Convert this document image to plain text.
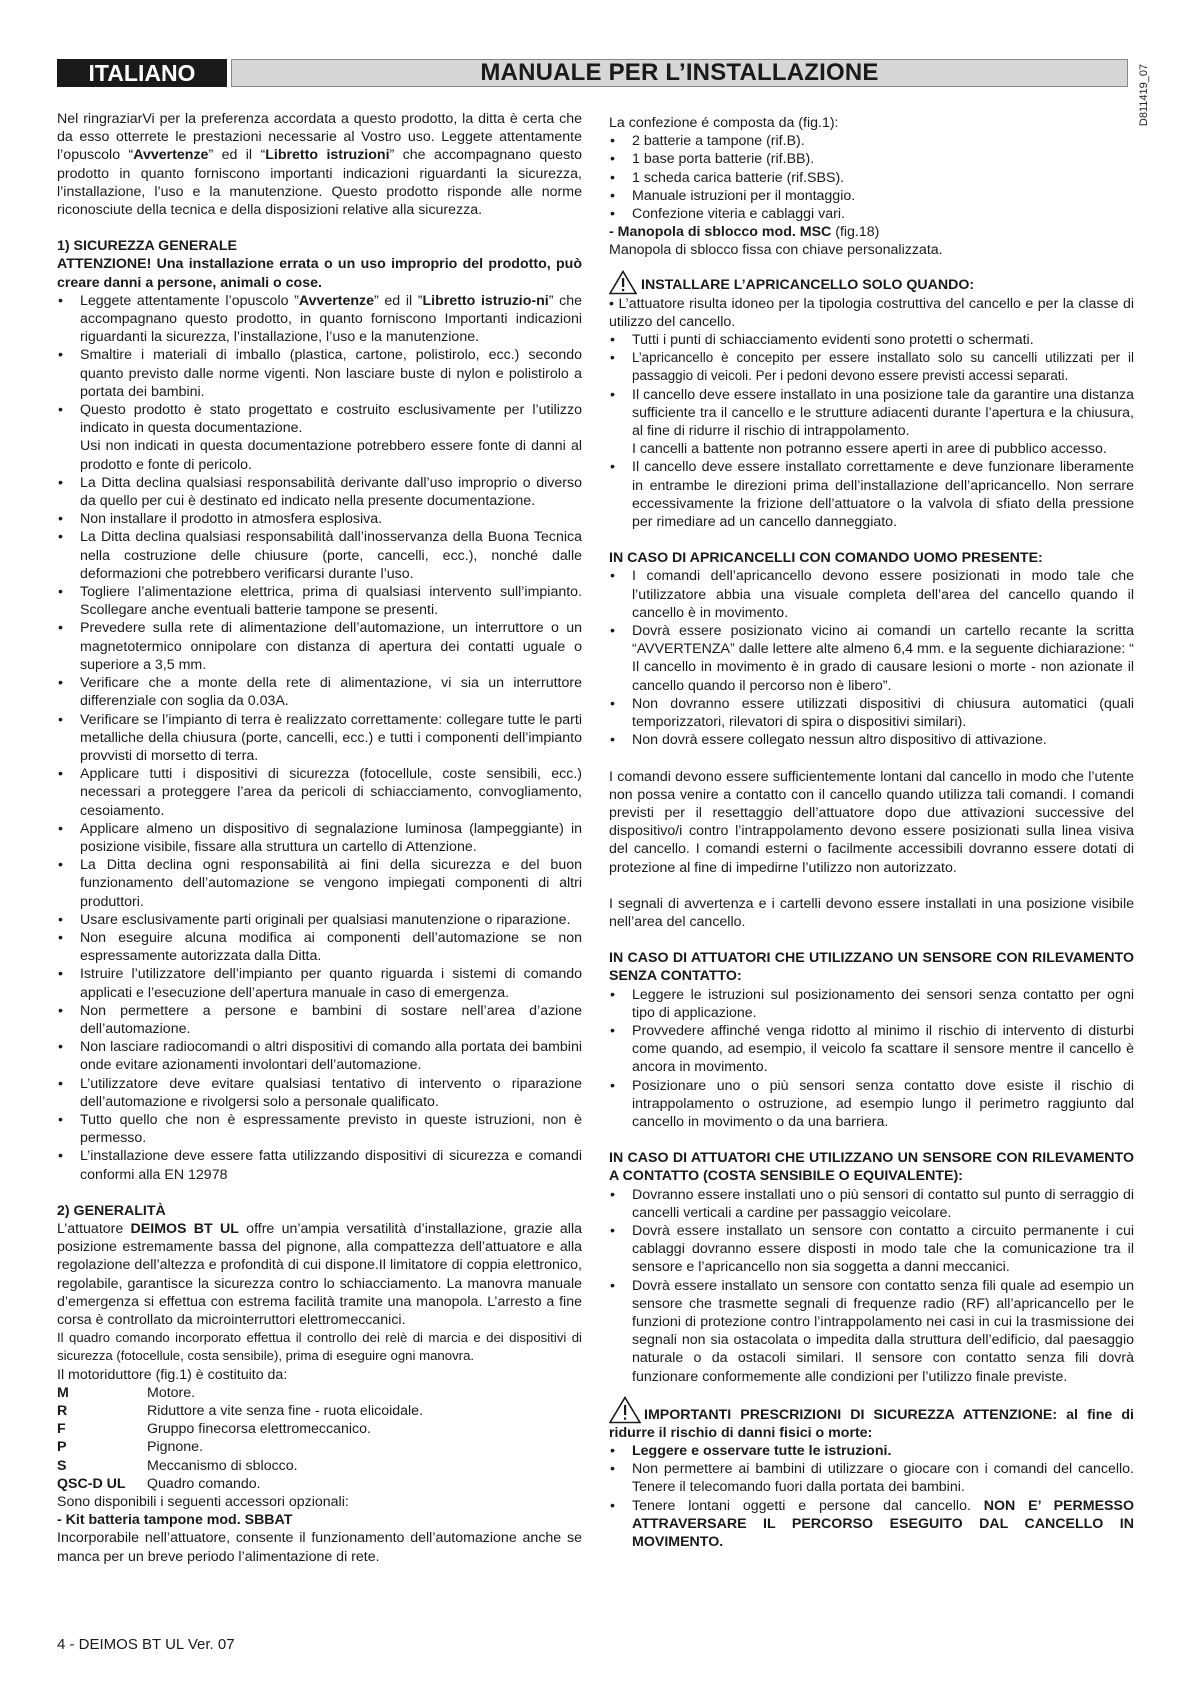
ITALIANO	MANUALE PER L’INSTALLAZIONE	D811419_07

Nel ringraziarVi per la preferenza accordata a questo prodotto, la ditta è certa che da esso otterrete le prestazioni necessarie al Vostro uso. Leggete attentamente l’opuscolo “Avvertenze” ed il “Libretto istruzioni” che accompagnano questo prodotto in quanto forniscono importanti indicazioni riguardanti la sicurezza, l’installazione, l’uso e la manutenzione. Questo prodotto risponde alle norme riconosciute della tecnica e della disposizioni relative alla sicurezza.

1) SICUREZZA GENERALE

ATTENZIONE! Una installazione errata o un uso improprio del prodotto, può creare danni a persone, animali o cose.

• Leggete attentamente l’opuscolo ”Avvertenze” ed il ”Libretto istruzio-ni” che accompagnano questo prodotto, in quanto forniscono Importanti indicazioni riguardanti la sicurezza, l’installazione, l’uso e la manutenzione.
• Smaltire i materiali di imballo (plastica, cartone, polistirolo, ecc.) secondo quanto previsto dalle norme vigenti. Non lasciare buste di nylon e polistirolo a portata dei bambini.
• Questo prodotto è stato progettato e costruito esclusivamente per l’utilizzo indicato in questa documentazione.
Usi non indicati in questa documentazione potrebbero essere fonte di danni al prodotto e fonte di pericolo.
• La Ditta declina qualsiasi responsabilità derivante dall’uso improprio o diverso da quello per cui è destinato ed indicato nella presente documentazione.
• Non installare il prodotto in atmosfera esplosiva.
• La Ditta declina qualsiasi responsabilità dall’inosservanza della Buona Tecnica nella costruzione delle chiusure (porte, cancelli, ecc.), nonché dalle deformazioni che potrebbero verificarsi durante l’uso.
• Togliere l’alimentazione elettrica, prima di qualsiasi intervento sull’impianto. Scollegare anche eventuali batterie tampone se presenti.
• Prevedere sulla rete di alimentazione dell’automazione, un interruttore o un magnetotermico onnipolare con distanza di apertura dei contatti uguale o superiore a 3,5 mm.
• Verificare che a monte della rete di alimentazione, vi sia un interruttore differenziale con soglia da 0.03A.
• Verificare se l’impianto di terra è realizzato correttamente: collegare tutte le parti metalliche della chiusura (porte, cancelli, ecc.) e tutti i componenti dell’impianto provvisti di morsetto di terra.
• Applicare tutti i dispositivi di sicurezza (fotocellule, coste sensibili, ecc.) necessari a proteggere l’area da pericoli di schiacciamento, convogliamento, cesoiamento.
• Applicare almeno un dispositivo di segnalazione luminosa (lampeggiante) in posizione visibile, fissare alla struttura un cartello di Attenzione.
• La Ditta declina ogni responsabilità ai fini della sicurezza e del buon funzionamento dell’automazione se vengono impiegati componenti di altri produttori.
• Usare esclusivamente parti originali per qualsiasi manutenzione o riparazione.
• Non eseguire alcuna modifica ai componenti dell’automazione se non espressamente autorizzata dalla Ditta.
• Istruire l’utilizzatore dell’impianto per quanto riguarda i sistemi di comando applicati e l’esecuzione dell’apertura manuale in caso di emergenza.
• Non permettere a persone e bambini di sostare nell’area d’azione dell’automazione.
• Non lasciare radiocomandi o altri dispositivi di comando alla portata dei bambini onde evitare azionamenti involontari dell’automazione.
• L’utilizzatore deve evitare qualsiasi tentativo di intervento o riparazione dell’automazione e rivolgersi solo a personale qualificato.
• Tutto quello che non è espressamente previsto in queste istruzioni, non è permesso.
• L’installazione deve essere fatta utilizzando dispositivi di sicurezza e comandi conformi alla EN 12978

2) GENERALITÀ

L’attuatore DEIMOS BT UL offre un’ampia versatilità d’installazione, grazie alla posizione estremamente bassa del pignone, alla compattezza dell’attuatore e alla regolazione dell’altezza e profondità di cui dispone.Il limitatore di coppia elettronico, regolabile, garantisce la sicurezza contro lo schiacciamento. La manovra manuale d’emergenza si effettua con estrema facilità tramite una manopola. L’arresto a fine corsa è controllato da microinterruttori elettromeccanici.

Il quadro comando incorporato effettua il controllo dei relè di marcia e dei dispositivi di sicurezza (fotocellule, costa sensibile), prima di eseguire ogni manovra.

Il motoriduttore (fig.1) è costituito da:

M	Motore.
R	Riduttore a vite senza fine - ruota elicoidale.
F	Gruppo finecorsa elettromeccanico.
P	Pignone.
S	Meccanismo di sblocco.
QSC-D UL	Quadro comando.

Sono disponibili i seguenti accessori opzionali:

- Kit batteria tampone mod. SBBAT

Incorporabile nell’attuatore, consente il funzionamento dell’automazione anche se manca per un breve periodo l’alimentazione di rete.

La confezione é composta da (fig.1):

• 2 batterie a tampone (rif.B).
• 1 base porta batterie (rif.BB).
• 1 scheda carica batterie (rif.SBS).
• Manuale istruzioni per il montaggio.
• Confezione viteria e cablaggi vari.

- Manopola di sblocco mod. MSC (fig.18)

Manopola di sblocco fissa con chiave personalizzata.

INSTALLARE L’APRICANCELLO SOLO QUANDO:

• L’attuatore risulta idoneo per la tipologia costruttiva del cancello e per la classe di utilizzo del cancello.

• Tutti i punti di schiacciamento evidenti sono protetti o schermati.
• L’apricancello è concepito per essere installato solo su cancelli utilizzati per il passaggio di veicoli. Per i pedoni devono essere previsti accessi separati.
• Il cancello deve essere installato in una posizione tale da garantire una distanza sufficiente tra il cancello e le strutture adiacenti durante l’apertura e la chiusura, al fine di ridurre il rischio di intrappolamento.
I cancelli a battente non potranno essere aperti in aree di pubblico accesso.
• Il cancello deve essere installato correttamente e deve funzionare liberamente in entrambe le direzioni prima dell’installazione dell’apricancello. Non serrare eccessivamente la frizione dell’attuatore o la valvola di sfiato della pressione per rimediare ad un cancello danneggiato.

IN CASO DI APRICANCELLI CON COMANDO UOMO PRESENTE:

• I comandi dell’apricancello devono essere posizionati in modo tale che l’utilizzatore abbia una visuale completa dell’area del cancello quando il cancello è in movimento.
• Dovrà essere posizionato vicino ai comandi un cartello recante la scritta “AVVERTENZA” dalle lettere alte almeno 6,4 mm. e la seguente dichiarazione: “ Il cancello in movimento è in grado di causare lesioni o morte - non azionate il cancello quando il percorso non è libero”.
• Non dovranno essere utilizzati dispositivi di chiusura automatici (quali temporizzatori, rilevatori di spira o dispositivi similari).
• Non dovrà essere collegato nessun altro dispositivo di attivazione.

I comandi devono essere sufficientemente lontani dal cancello in modo che l’utente non possa venire a contatto con il cancello quando utilizza tali comandi. I comandi previsti per il resettaggio dell’attuatore dopo due attivazioni successive del dispositivo/i contro l’intrappolamento devono essere posizionati sulla linea visiva del cancello. I comandi esterni o facilmente accessibili dovranno essere dotati di protezione al fine di impedirne l’utilizzo non autorizzato.

I segnali di avvertenza e i cartelli devono essere installati in una posizione visibile nell’area del cancello.

IN CASO DI ATTUATORI CHE UTILIZZANO UN SENSORE CON RILEVAMENTO SENZA CONTATTO:

• Leggere le istruzioni sul posizionamento dei sensori senza contatto per ogni tipo di applicazione.
• Provvedere affinché venga ridotto al minimo il rischio di intervento di disturbi come quando, ad esempio, il veicolo fa scattare il sensore mentre il cancello è ancora in movimento.
• Posizionare uno o più sensori senza contatto dove esiste il rischio di intrappolamento o ostruzione, ad esempio lungo il perimetro raggiunto dal cancello in movimento o da una barriera.

IN CASO DI ATTUATORI CHE UTILIZZANO UN SENSORE CON RILEVAMENTO A CONTATTO (COSTA SENSIBILE O EQUIVALENTE):

• Dovranno essere installati uno o più sensori di contatto sul punto di serraggio di cancelli verticali a cardine per passaggio veicolare.
• Dovrà essere installato un sensore con contatto a circuito permanente i cui cablaggi dovranno essere disposti in modo tale che la comunicazione tra il sensore e l’apricancello non sia soggetta a danni meccanici.
• Dovrà essere installato un sensore con contatto senza fili quale ad esempio un sensore che trasmette segnali di frequenze radio (RF) all’apricancello per le funzioni di protezione contro l’intrappolamento nei casi in cui la trasmissione dei segnali non sia ostacolata o impedita dalla struttura dell’edificio, dal paesaggio naturale o da ostacoli similari. Il sensore con contatto senza fili dovrà funzionare conformemente alle condizioni per l’utilizzo finale previste.
IMPORTANTI PRESCRIZIONI DI SICUREZZA ATTENZIONE: al fine di ridurre il rischio di danni fisici o morte:
• Leggere e osservare tutte le istruzioni.
• Non permettere ai bambini di utilizzare o giocare con i comandi del cancello. Tenere il telecomando fuori dalla portata dei bambini.
• Tenere lontani oggetti e persone dal cancello. NON E’ PERMESSO ATTRAVERSARE IL PERCORSO ESEGUITO DAL CANCELLO IN MOVIMENTO.
4 - DEIMOS BT UL Ver. 07
